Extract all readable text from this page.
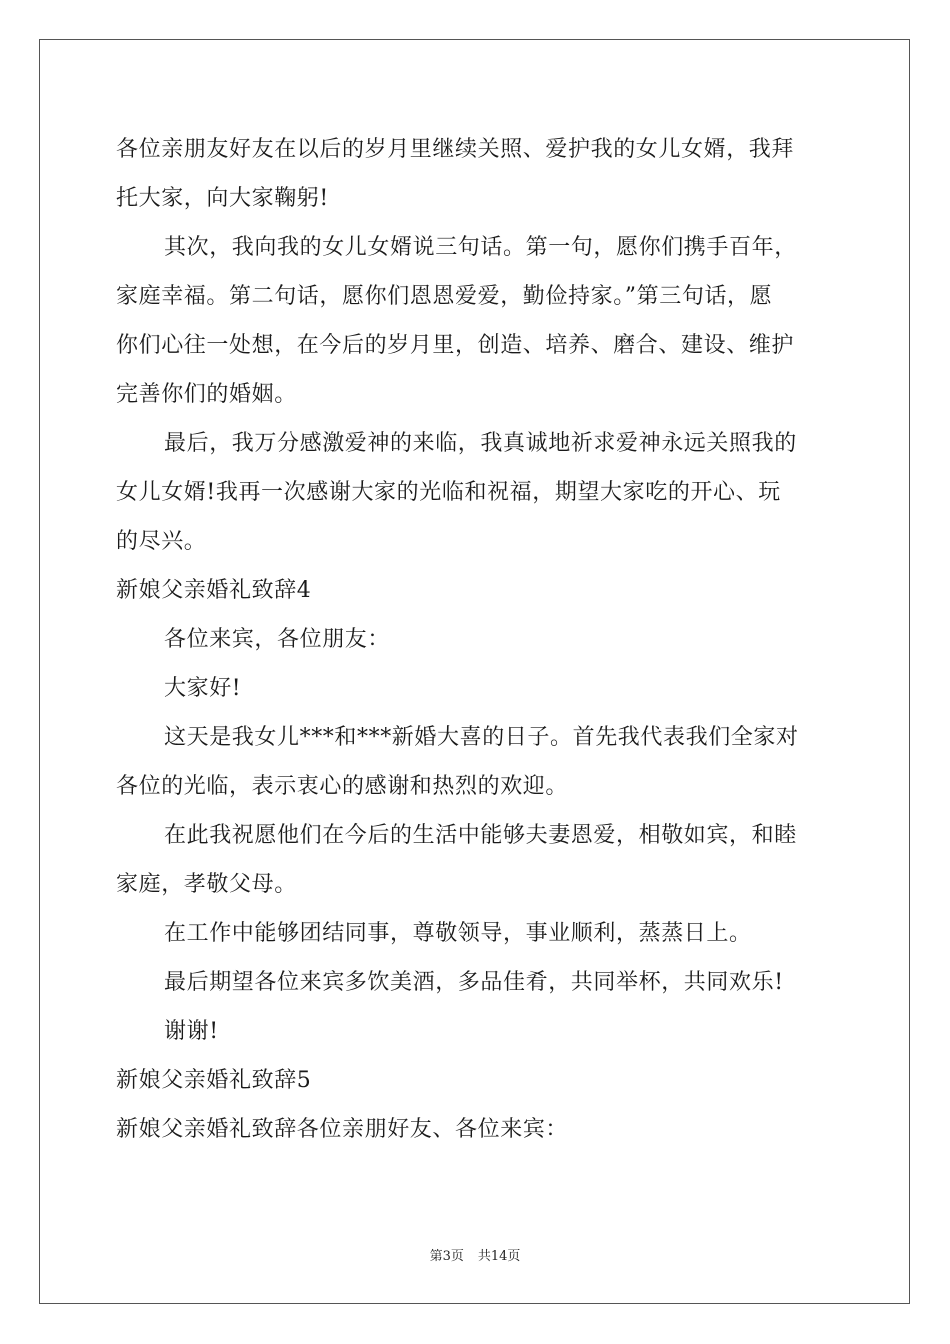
各位亲朋友好友在以后的岁月里继续关照、爱护我的女儿女婿，我拜
托大家，向大家鞠躬!
其次，我向我的女儿女婿说三句话。第一句，愿你们携手百年，
家庭幸福。第二句话，愿你们恩恩爱爱，勤俭持家。”第三句话，愿
你们心往一处想，在今后的岁月里，创造、培养、磨合、建设、维护
完善你们的婚姻。
最后，我万分感激爱神的来临，我真诚地祈求爱神永远关照我的
女儿女婿!我再一次感谢大家的光临和祝福，期望大家吃的开心、玩
的尽兴。
新娘父亲婚礼致辞4
各位来宾，各位朋友：
大家好!
这天是我女儿***和***新婚大喜的日子。首先我代表我们全家对
各位的光临，表示衷心的感谢和热烈的欢迎。
在此我祝愿他们在今后的生活中能够夫妻恩爱，相敬如宾，和睦
家庭，孝敬父母。
在工作中能够团结同事，尊敬领导，事业顺利，蒸蒸日上。
最后期望各位来宾多饮美酒，多品佳肴，共同举杯，共同欢乐!
谢谢!
新娘父亲婚礼致辞5
新娘父亲婚礼致辞各位亲朋好友、各位来宾：
第3页 共14页
